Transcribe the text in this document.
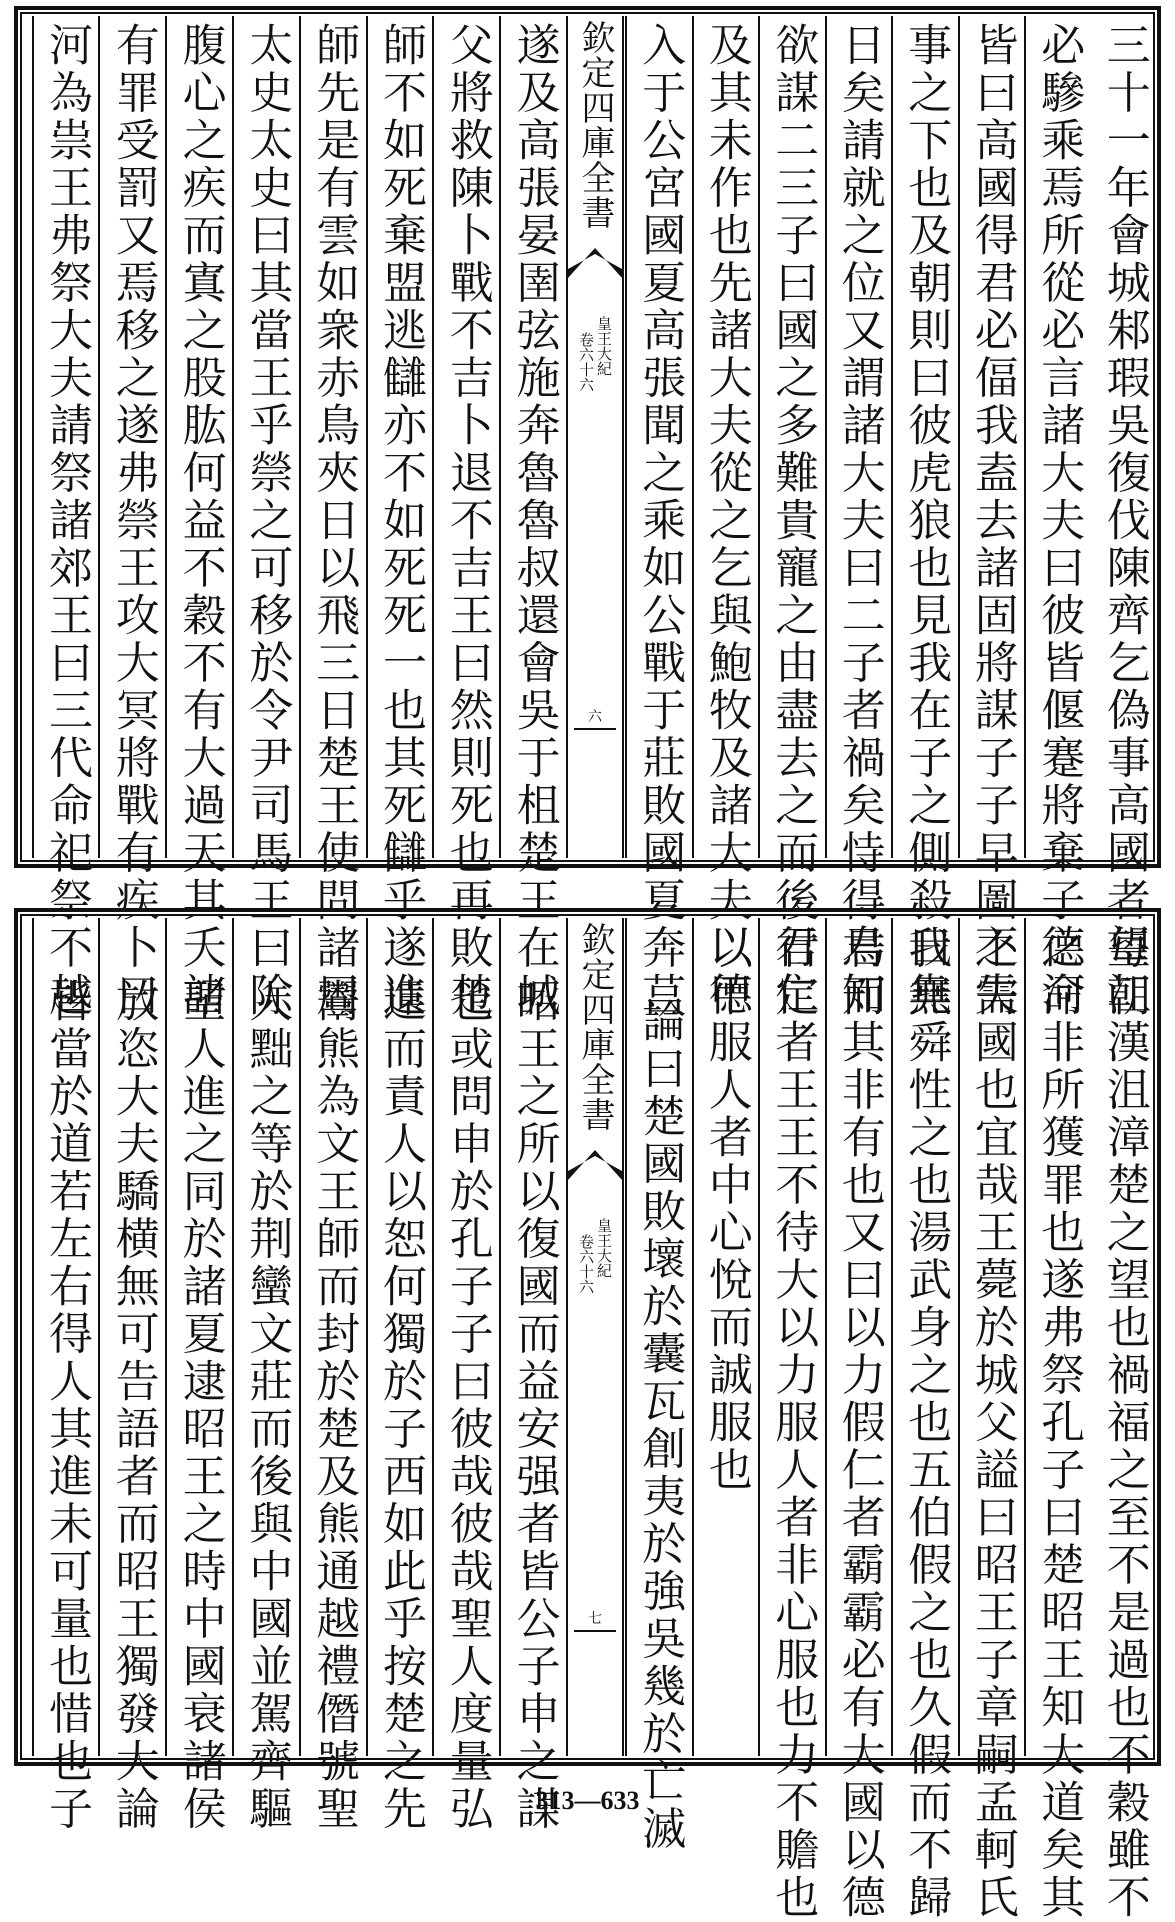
三十一年會城邾瑕吳復伐陳齊乞偽事高國者每朝
必驂乘焉所從必言諸大夫曰彼皆偃蹇將棄子之命
皆曰高國得君必偪我盍去諸固將謀子子早圖之需
事之下也及朝則曰彼虎狼也見我在子之側殺我無
日矣請就之位又謂諸大夫曰二子者禍矣恃得君而
欲謀二三子曰國之多難貴寵之由盡去之而後君定
及其未作也先諸大夫從之乞與鮑牧及諸大夫以甲
入于公宮國夏高張聞之乘如公戰于莊敗國夏奔莒
欽定四庫全書
皇王大紀
卷六十六
六
遂及高張晏圉弦施奔魯魯叔還會吳于柤楚王在城
父將救陳卜戰不吉卜退不吉王曰然則死也再敗楚
師不如死棄盟逃讎亦不如死死一也其死讎乎遂進
師先是有雲如衆赤鳥夾日以飛三日楚王使問諸周
太史太史曰其當王乎禜之可移於令尹司馬王曰除
腹心之疾而寘之股肱何益不穀不有大過天其夭諸
有罪受罰又焉移之遂弗禜王攻大冥將戰有疾卜曰
河為祟王弗祭大夫請祭諸郊王曰三代命祀祭不越
望江漢沮漳楚之望也禍福之至不是過也不穀雖不
德河非所獲罪也遂弗祭孔子曰楚昭王知大道矣其
不失國也宜哉王薨於城父謚曰昭王子章嗣孟軻氏
曰堯舜性之也湯武身之也五伯假之也久假而不歸
烏知其非有也又曰以力假仁者霸霸必有大國以德
行仁者王王不待大以力服人者非心服也力不贍也
以德服人者中心悅而誠服也
論曰楚國敗壞於囊瓦創夷於強吳幾於亡滅
欽定四庫全書
皇王大紀
卷六十六
七
昭王之所以復國而益安强者皆公子申之謀
也或問申於孔子子曰彼哉彼哉聖人度量弘
遠而責人以恕何獨於子西如此乎按楚之先
鬻熊為文王師而封於楚及熊通越禮僭號聖
人黜之等於荆蠻文莊而後與中國並駕齊驅
聖人進之同於諸夏逮昭王之時中國衰諸侯
放恣大夫驕横無可告語者而昭王獨發大論
皆當於道若左右得人其進未可量也惜也子	313—633
